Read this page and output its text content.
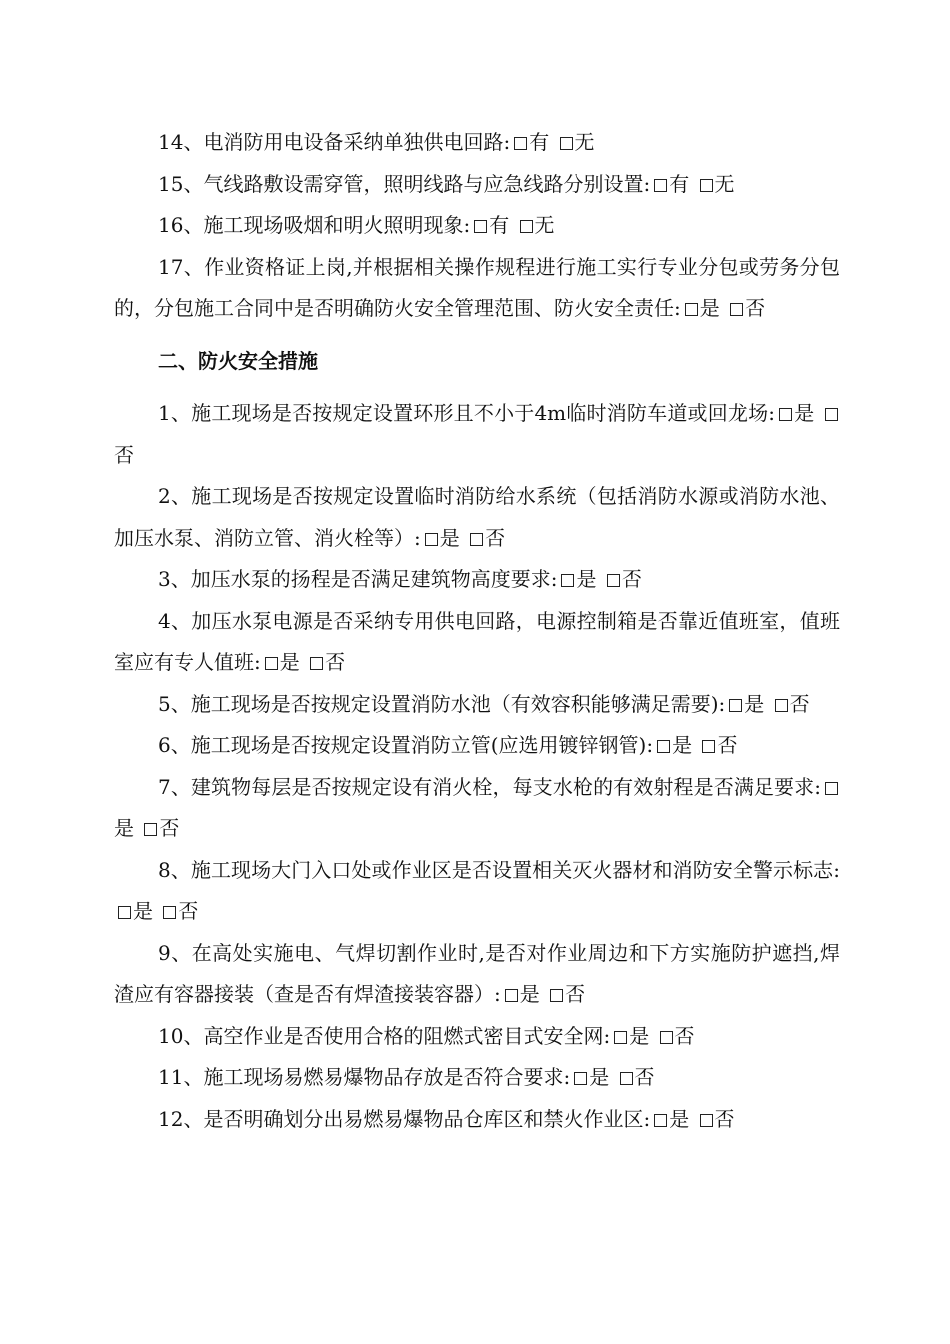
14、电消防用电设备采纳单独供电回路: 有 无

15、气线路敷设需穿管，照明线路与应急线路分别设置: 有 无

16、施工现场吸烟和明火照明现象: 有 无

17、作业资格证上岗,并根据相关操作规程进行施工实行专业分包或劳务分包的，分包施工合同中是否明确防火安全管理范围、防火安全责任: 是 否

二、防火安全措施

1、施工现场是否按规定设置环形且不小于4m临时消防车道或回龙场: 是 否

2、施工现场是否按规定设置临时消防给水系统（包括消防水源或消防水池、加压水泵、消防立管、消火栓等）: 是 否

3、加压水泵的扬程是否满足建筑物高度要求: 是 否

4、加压水泵电源是否采纳专用供电回路，电源控制箱是否靠近值班室，值班室应有专人值班: 是 否

5、施工现场是否按规定设置消防水池（有效容积能够满足需要): 是 否

6、施工现场是否按规定设置消防立管(应选用镀锌钢管): 是 否

7、建筑物每层是否按规定设有消火栓，每支水枪的有效射程是否满足要求:是 否

8、施工现场大门入口处或作业区是否设置相关灭火器材和消防安全警示标志:是 否

9、在高处实施电、气焊切割作业时,是否对作业周边和下方实施防护遮挡,焊渣应有容器接装（查是否有焊渣接装容器）: 是 否

10、高空作业是否使用合格的阻燃式密目式安全网: 是 否

11、施工现场易燃易爆物品存放是否符合要求: 是 否

12、是否明确划分出易燃易爆物品仓库区和禁火作业区: 是 否
